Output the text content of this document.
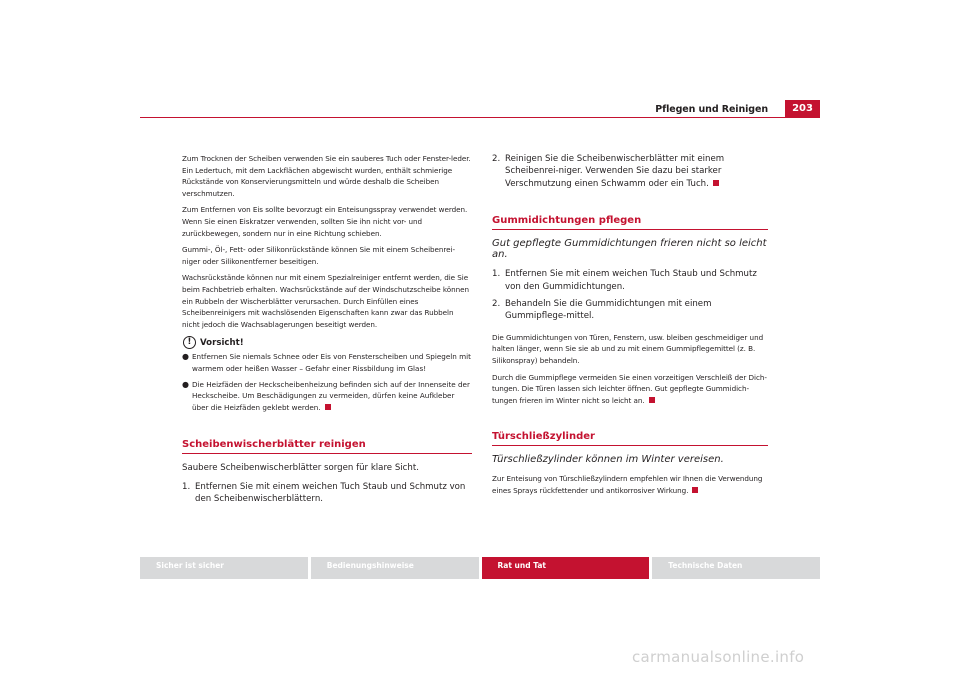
Pflegen und Reinigen	203

Zum Trocknen der Scheiben verwenden Sie ein sauberes Tuch oder Fenster-leder. Ein Ledertuch, mit dem Lackflächen abgewischt wurden, enthält schmierige Rückstände von Konservierungsmitteln und würde deshalb die Scheiben verschmutzen.

Zum Entfernen von Eis sollte bevorzugt ein Enteisungsspray verwendet werden. Wenn Sie einen Eiskratzer verwenden, sollten Sie ihn nicht vor- und zurückbewegen, sondern nur in eine Richtung schieben.

Gummi-, Öl-, Fett- oder Silikonrückstände können Sie mit einem Scheibenrei-niger oder Silikonentferner beseitigen.

Wachsrückstände können nur mit einem Spezialreiniger entfernt werden, die Sie beim Fachbetrieb erhalten. Wachsrückstände auf der Windschutzscheibe können ein Rubbeln der Wischerblätter verursachen. Durch Einfüllen eines Scheibenreinigers mit wachslösenden Eigenschaften kann zwar das Rubbeln nicht jedoch die Wachsablagerungen beseitigt werden.

! Vorsicht!
● Entfernen Sie niemals Schnee oder Eis von Fensterscheiben und Spiegeln mit warmem oder heißen Wasser – Gefahr einer Rissbildung im Glas!
● Die Heizfäden der Heckscheibenheizung befinden sich auf der Innenseite der Heckscheibe. Um Beschädigungen zu vermeiden, dürfen keine Aufkleber über die Heizfäden geklebt werden.
Scheibenwischerblätter reinigen

Saubere Scheibenwischerblätter sorgen für klare Sicht.

1. Entfernen Sie mit einem weichen Tuch Staub und Schmutz von den Scheibenwischerblättern.
2. Reinigen Sie die Scheibenwischerblätter mit einem Scheibenrei-niger. Verwenden Sie dazu bei starker Verschmutzung einen Schwamm oder ein Tuch.
Gummidichtungen pflegen
Gut gepflegte Gummidichtungen frieren nicht so leicht an.
1. Entfernen Sie mit einem weichen Tuch Staub und Schmutz von den Gummidichtungen.
2. Behandeln Sie die Gummidichtungen mit einem Gummipflege-mittel.

Die Gummidichtungen von Türen, Fenstern, usw. bleiben geschmeidiger und halten länger, wenn Sie sie ab und zu mit einem Gummipflegemittel (z. B. Silikonspray) behandeln.

Durch die Gummipflege vermeiden Sie einen vorzeitigen Verschleiß der Dich-tungen. Die Türen lassen sich leichter öffnen. Gut gepflegte Gummidich-tungen frieren im Winter nicht so leicht an.

Türschließzylinder
Türschließzylinder können im Winter vereisen.

Zur Enteisung von Türschließzylindern empfehlen wir Ihnen die Verwendung eines Sprays rückfettender und antikorrosiver Wirkung.

Sicher ist sicher	Bedienungshinweise	Rat und Tat	Technische Daten
carmanualsonline.info
